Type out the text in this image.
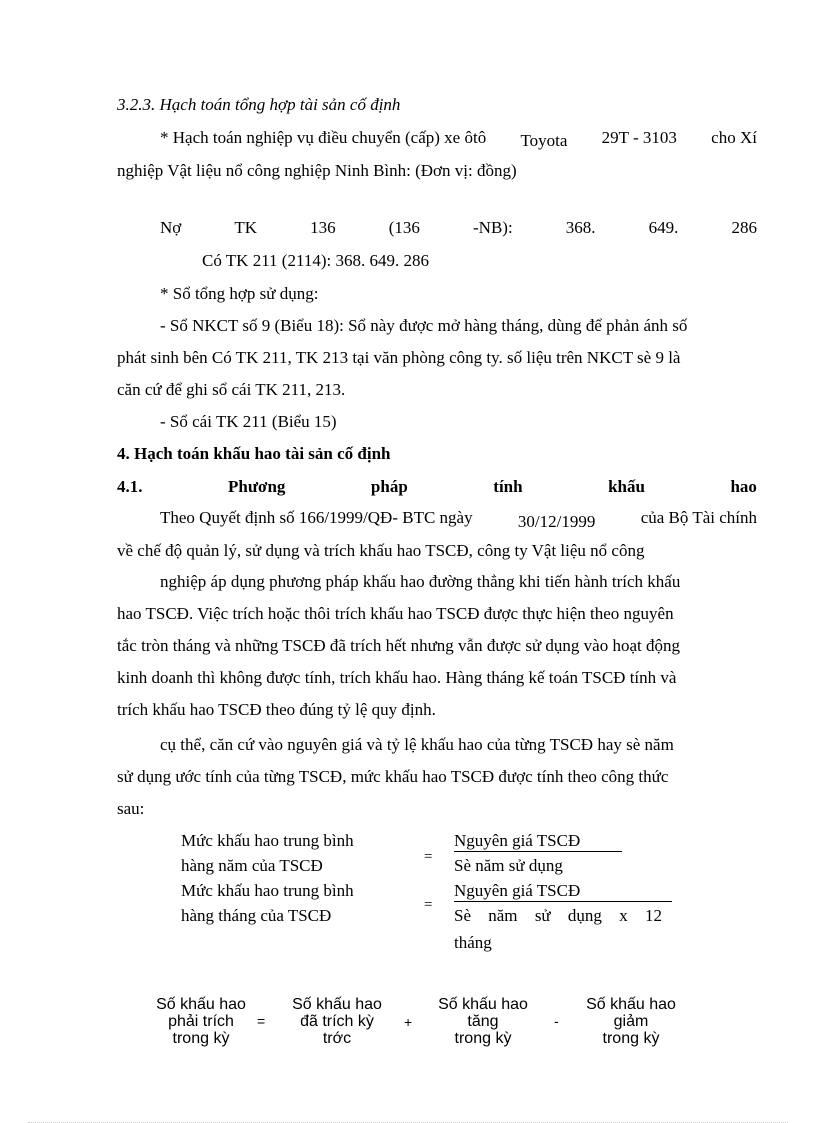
3.2.3. Hạch toán tổng hợp tài sản cố định
* Hạch toán nghiệp vụ điều chuyển (cấp) xe ôtô Toyota 29T - 3103 cho Xí
nghiệp Vật liệu nổ công nghiệp Ninh Bình: (Đơn vị: đồng)
Nợ	TK	136	(136	-NB):	368.	649.	286
Có TK 211 (2114): 368. 649. 286
* Sổ tổng hợp sử dụng:
- Sổ NKCT số 9 (Biểu 18): Sổ này được mở hàng tháng, dùng để phản ánh số
phát sinh bên Có TK 211, TK 213 tại văn phòng công ty. số liệu trên NKCT sè 9 là
căn cứ để ghi sổ cái TK 211, 213.
- Sổ cái TK 211 (Biểu 15)
4. Hạch toán khấu hao tài sản cố định
4.1.	Phương	pháp	tính	khấu	hao
Theo Quyết định số 166/1999/QĐ- BTC ngày	30/12/1999	của Bộ Tài chính
về chế độ quản lý, sử dụng và trích khấu hao TSCĐ, công ty Vật liệu nổ công
nghiệp áp dụng phương pháp khấu hao đường thẳng khi tiến hành trích khấu
hao TSCĐ. Việc trích hoặc thôi trích khấu hao TSCĐ được thực hiện theo nguyên
tắc tròn tháng và những TSCĐ đã trích hết nhưng vẫn được sử dụng vào hoạt động
kinh doanh thì không được tính, trích khấu hao. Hàng tháng kế toán TSCĐ tính và
trích khấu hao TSCĐ theo đúng tỷ lệ quy định.
cụ thể, căn cứ vào nguyên giá và tỷ lệ khấu hao của từng TSCĐ hay sè năm
sử dụng ước tính của từng TSCĐ, mức khấu hao TSCĐ được tính theo công thức
sau:
Mức khấu hao trung bình
hàng năm của TSCĐ	=
Nguyên giá TSCĐ
Sè năm sử dụng
Mức khấu hao trung bình
hàng tháng của TSCĐ
=
Nguyên giá TSCĐ
Sè năm sử dụng x 12
tháng
Số khấu hao
phải trích
trong kỳ
=
Số khấu hao
đã trích kỳ
trớc
+
Số khấu hao
tăng
trong kỳ
-
Số khấu hao
giảm
trong kỳ
